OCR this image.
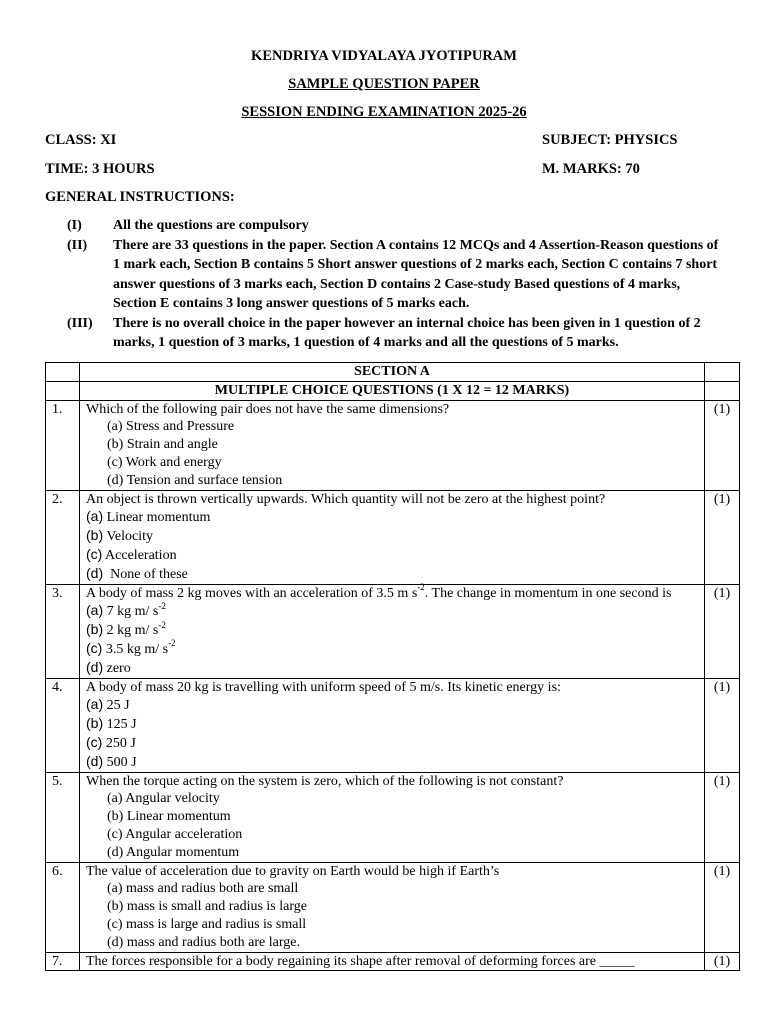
KENDRIYA VIDYALAYA JYOTIPURAM
SAMPLE QUESTION PAPER
SESSION ENDING EXAMINATION 2025-26
CLASS: XI	SUBJECT: PHYSICS
TIME: 3 HOURS	M. MARKS: 70
GENERAL INSTRUCTIONS:
(I)	All the questions are compulsory
(II)	There are 33 questions in the paper. Section A contains 12 MCQs and 4 Assertion-Reason questions of 1 mark each, Section B contains 5 Short answer questions of 2 marks each, Section C contains 7 short answer questions of 3 marks each, Section D contains 2 Case-study Based questions of 4 marks, Section E contains 3 long answer questions of 5 marks each.
(III)	There is no overall choice in the paper however an internal choice has been given in 1 question of 2 marks, 1 question of 3 marks, 1 question of 4 marks and all the questions of 5 marks.
	SECTION A	
	MULTIPLE CHOICE QUESTIONS (1 X 12 = 12 MARKS)	
1.	Which of the following pair does not have the same dimensions?
(a) Stress and Pressure
(b) Strain and angle
(c) Work and energy
(d) Tension and surface tension	(1)
2.	An object is thrown vertically upwards. Which quantity will not be zero at the highest point?
(a) Linear momentum
(b) Velocity
(c) Acceleration
(d)  None of these	(1)
3.	A body of mass 2 kg moves with an acceleration of 3.5 m $s^{-2}$. The change in momentum in one second is
(a) 7 kg m/ $s^{-2}$
(b) 2 kg m/ $s^{-2}$
(c) 3.5 kg m/ $s^{-2}$
(d) zero	(1)
4.	A body of mass 20 kg is travelling with uniform speed of 5 m/s. Its kinetic energy is:
(a) 25 J
(b) 125 J
(c) 250 J
(d) 500 J	(1)
5.	When the torque acting on the system is zero, which of the following is not constant?
(a) Angular velocity
(b) Linear momentum
(c) Angular acceleration
(d) Angular momentum	(1)
6.	The value of acceleration due to gravity on Earth would be high if Earth’s
(a) mass and radius both are small
(b) mass is small and radius is large
(c) mass is large and radius is small
(d) mass and radius both are large.	(1)
7.	The forces responsible for a body regaining its shape after removal of deforming forces are _____	(1)
